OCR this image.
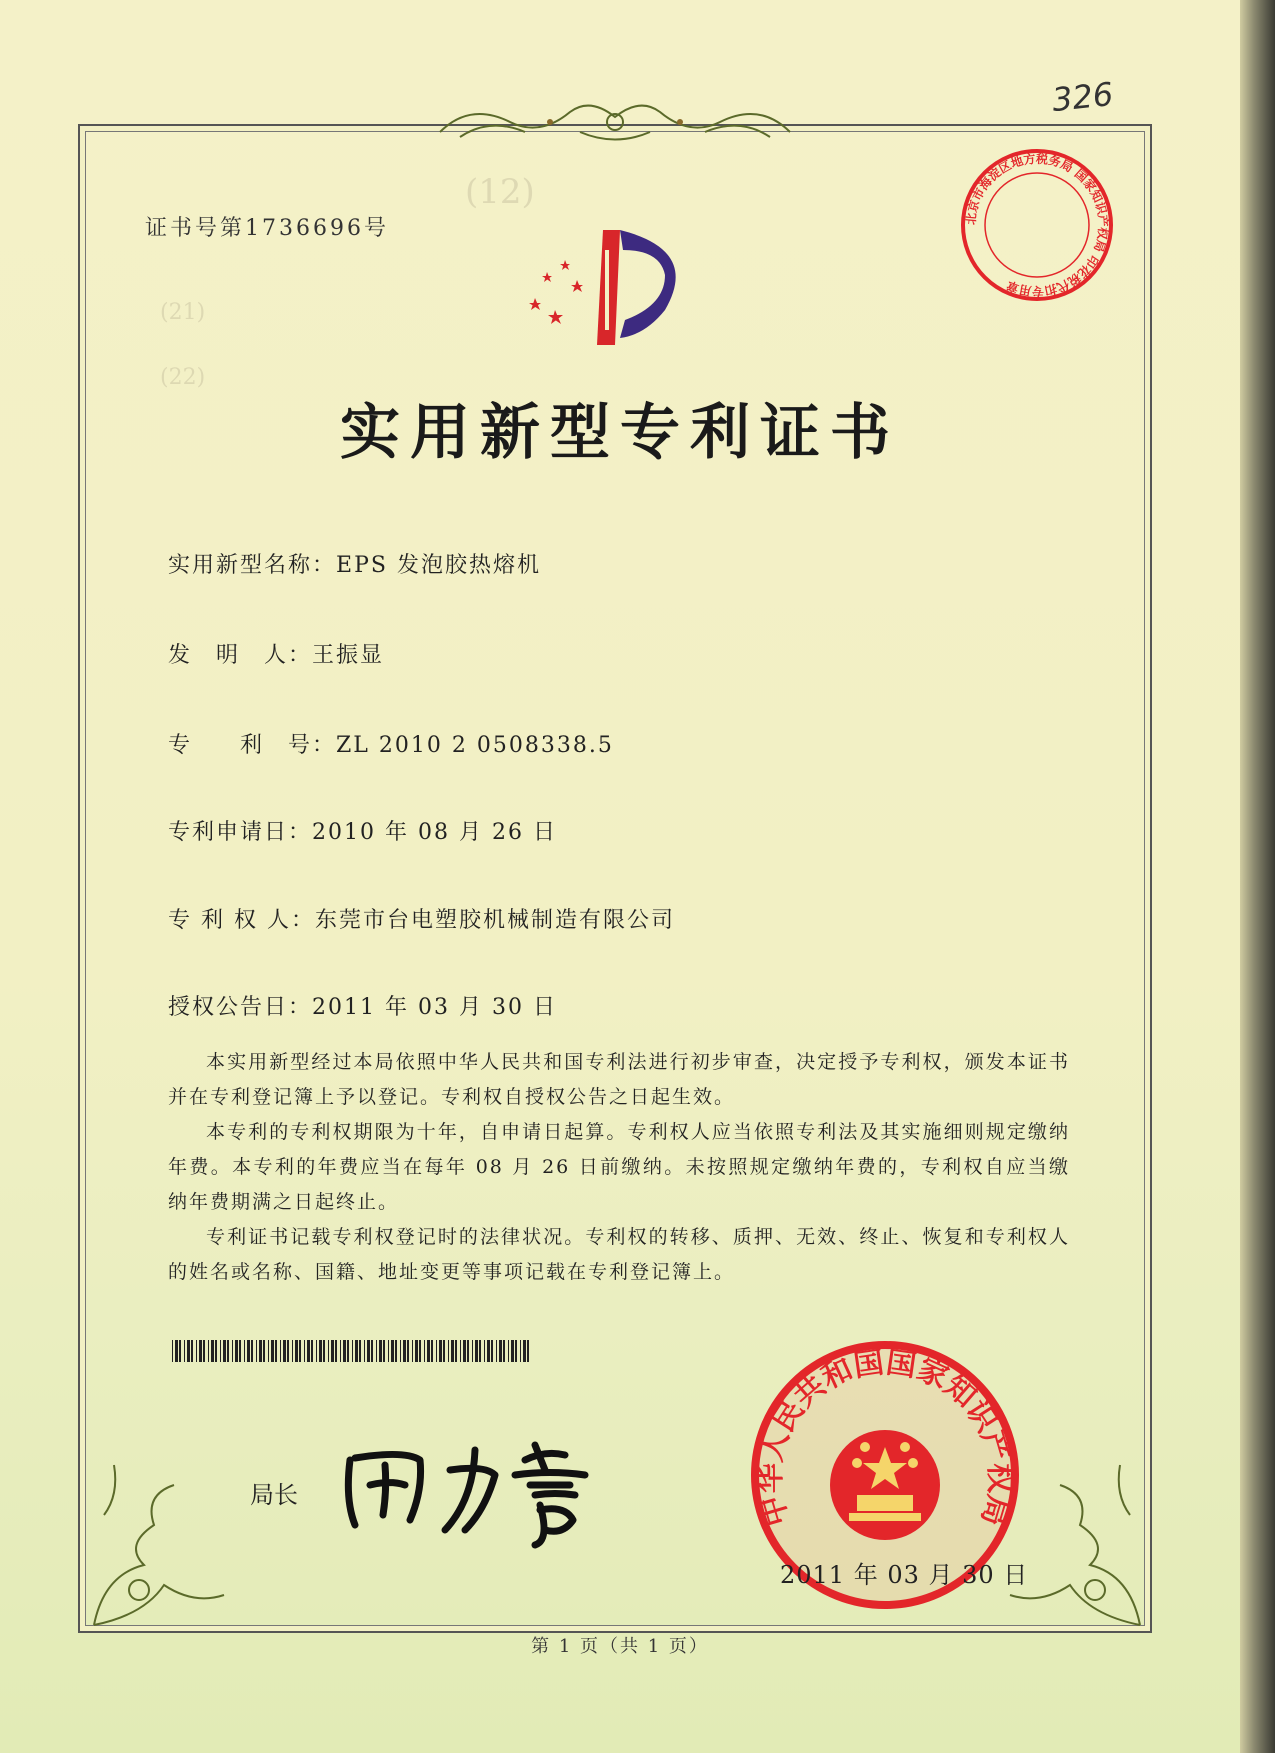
(12)
(21)
(22)
326
证书号第1736696号
实用新型专利证书
实用新型名称：EPS 发泡胶热熔机
发　明　人：王振显
专　　利　号：ZL 2010 2 0508338.5
专利申请日：2010 年 08 月 26 日
专 利 权 人：东莞市台电塑胶机械制造有限公司
授权公告日：2011 年 03 月 30 日

本实用新型经过本局依照中华人民共和国专利法进行初步审查，决定授予专利权，颁发本证书并在专利登记簿上予以登记。专利权自授权公告之日起生效。

本专利的专利权期限为十年，自申请日起算。专利权人应当依照专利法及其实施细则规定缴纳年费。本专利的年费应当在每年 08 月 26 日前缴纳。未按照规定缴纳年费的，专利权自应当缴纳年费期满之日起终止。

专利证书记载专利权登记时的法律状况。专利权的转移、质押、无效、终止、恢复和专利权人的姓名或名称、国籍、地址变更等事项记载在专利登记簿上。

局长	中华人民共和国国家知识产权局
2011 年 03 月 30 日
北京市海淀区地方税务局 国家知识产权局 印花税代扣专用章
第 1 页（共 1 页）
